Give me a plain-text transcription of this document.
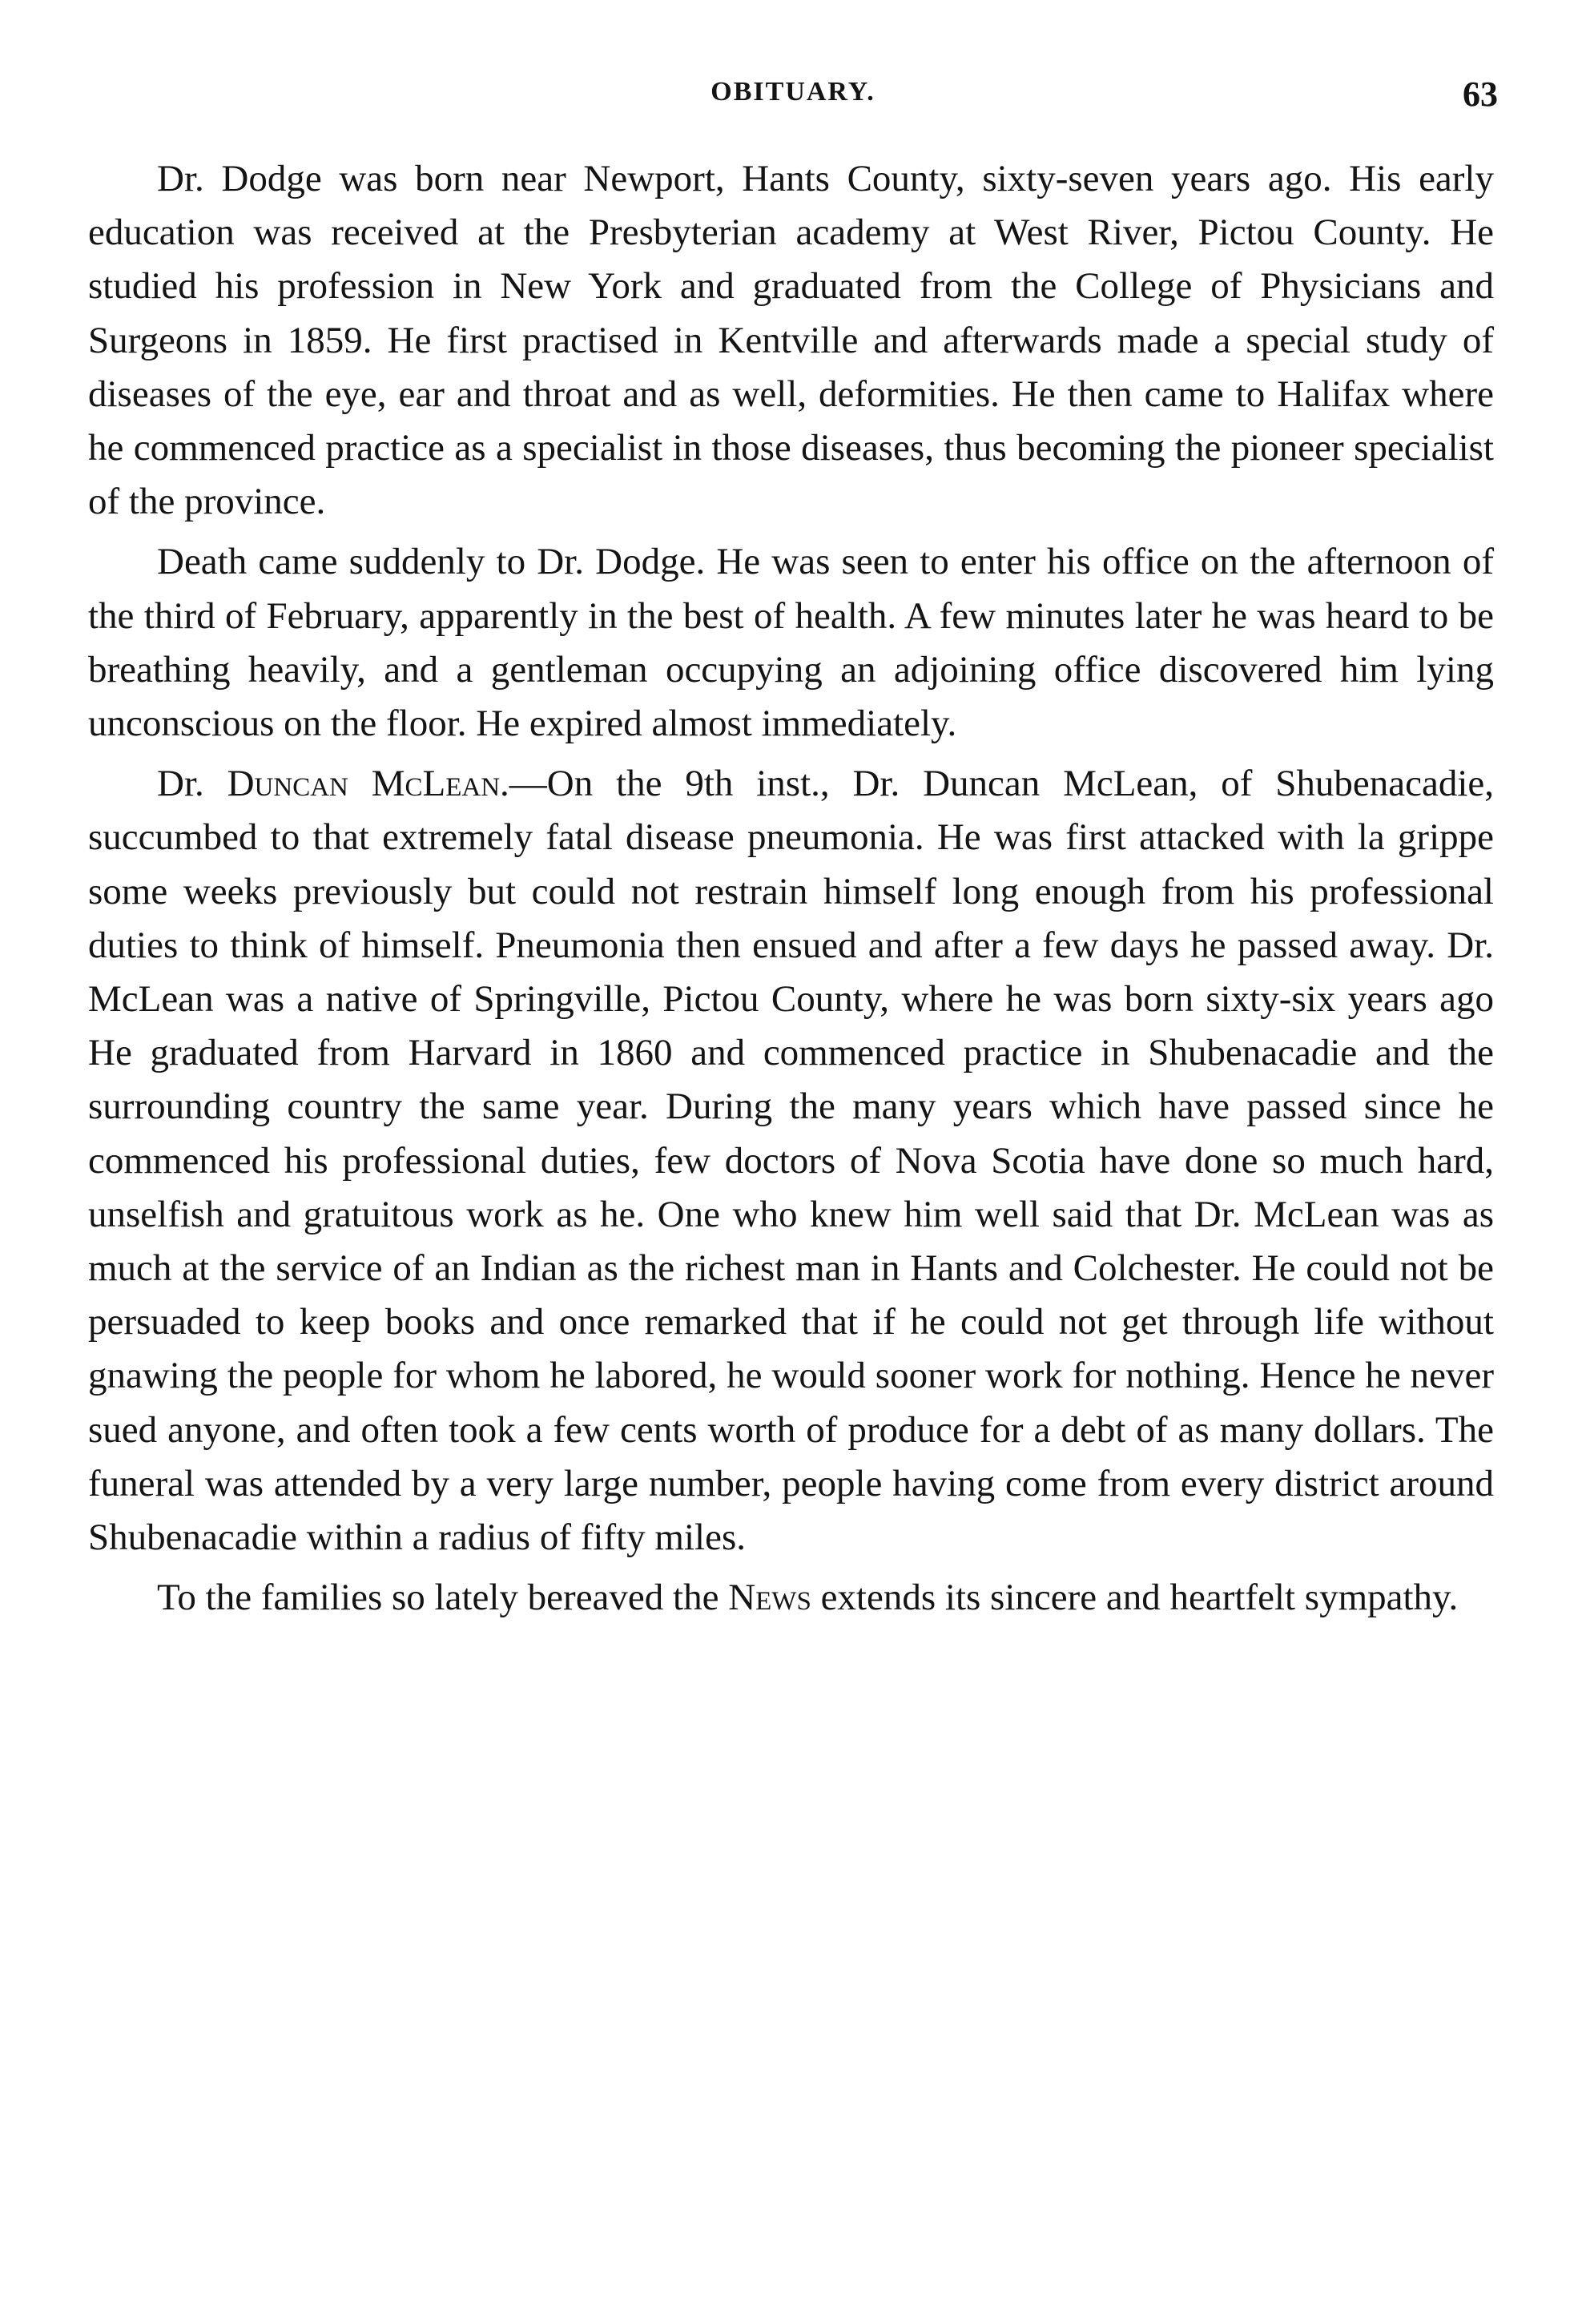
OBITUARY.	63

Dr. Dodge was born near Newport, Hants County, sixty-seven years ago. His early education was received at the Presbyterian academy at West River, Pictou County. He studied his profession in New York and graduated from the College of Physicians and Surgeons in 1859. He first practised in Kentville and afterwards made a special study of diseases of the eye, ear and throat and as well, deformities. He then came to Halifax where he commenced practice as a specialist in those diseases, thus becoming the pioneer specialist of the province.

Death came suddenly to Dr. Dodge. He was seen to enter his office on the afternoon of the third of February, apparently in the best of health. A few minutes later he was heard to be breathing heavily, and a gentleman occupying an adjoining office discovered him lying unconscious on the floor. He expired almost immediately.

Dr. Duncan McLean.—On the 9th inst., Dr. Duncan McLean, of Shubenacadie, succumbed to that extremely fatal disease pneumonia. He was first attacked with la grippe some weeks previously but could not restrain himself long enough from his professional duties to think of himself. Pneumonia then ensued and after a few days he passed away. Dr. McLean was a native of Springville, Pictou County, where he was born sixty-six years ago He graduated from Harvard in 1860 and commenced practice in Shubenacadie and the surrounding country the same year. During the many years which have passed since he commenced his professional duties, few doctors of Nova Scotia have done so much hard, unselfish and gratuitous work as he. One who knew him well said that Dr. McLean was as much at the service of an Indian as the richest man in Hants and Colchester. He could not be persuaded to keep books and once remarked that if he could not get through life without gnawing the people for whom he labored, he would sooner work for nothing. Hence he never sued anyone, and often took a few cents worth of produce for a debt of as many dollars. The funeral was attended by a very large number, people having come from every district around Shubenacadie within a radius of fifty miles.

To the families so lately bereaved the News extends its sincere and heartfelt sympathy.
